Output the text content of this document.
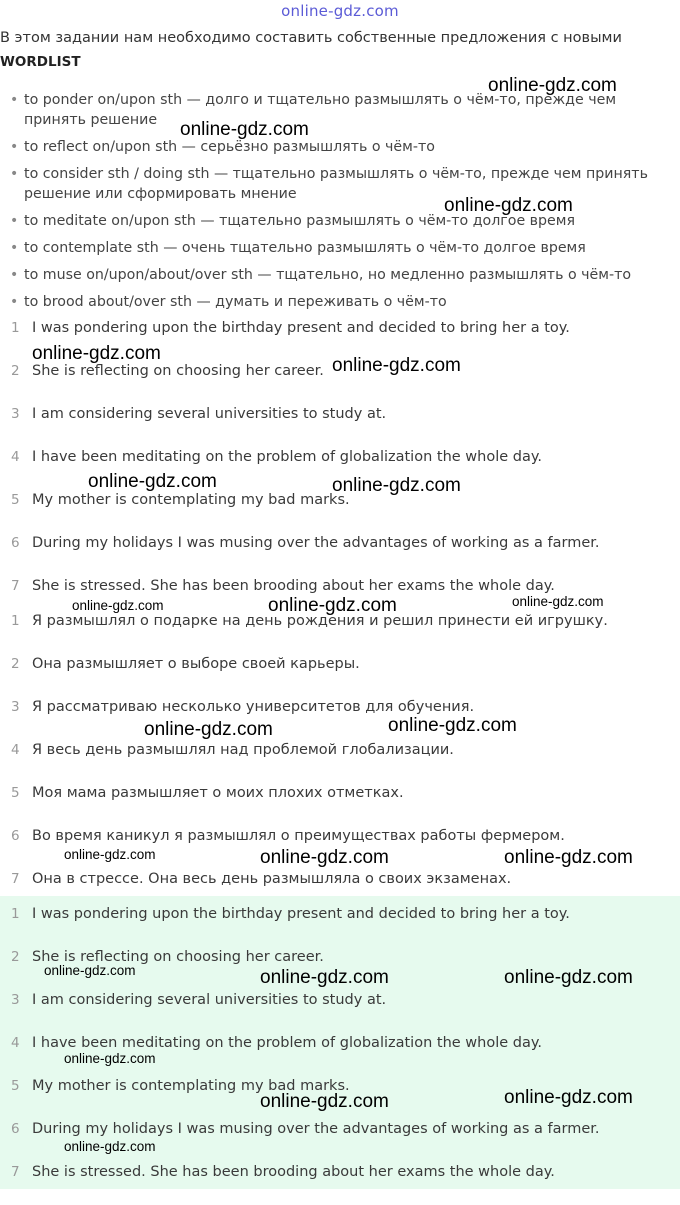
online-gdz.com
В этом задании нам необходимо составить собственные предложения с новыми
WORDLIST
• to ponder on/upon sth — долго и тщательно размышлять о чём-то, прежде чем принять решение
• to reflect on/upon sth — серьёзно размышлять о чём-то
• to consider sth / doing sth — тщательно размышлять о чём-то, прежде чем принять решение или сформировать мнение
• to meditate on/upon sth — тщательно размышлять о чём-то долгое время
• to contemplate sth — очень тщательно размышлять о чём-то долгое время
• to muse on/upon/about/over sth — тщательно, но медленно размышлять о чём-то
• to brood about/over sth — думать и переживать о чём-то
1 I was pondering upon the birthday present and decided to bring her a toy.
2 She is reflecting on choosing her career.
3 I am considering several universities to study at.
4 I have been meditating on the problem of globalization the whole day.
5 My mother is contemplating my bad marks.
6 During my holidays I was musing over the advantages of working as a farmer.
7 She is stressed. She has been brooding about her exams the whole day.
1 Я размышлял о подарке на день рождения и решил принести ей игрушку.
2 Она размышляет о выборе своей карьеры.
3 Я рассматриваю несколько университетов для обучения.
4 Я весь день размышлял над проблемой глобализации.
5 Моя мама размышляет о моих плохих отметках.
6 Во время каникул я размышлял о преимуществах работы фермером.
7 Она в стрессе. Она весь день размышляла о своих экзаменах.
1 I was pondering upon the birthday present and decided to bring her a toy.
2 She is reflecting on choosing her career.
3 I am considering several universities to study at.
4 I have been meditating on the problem of globalization the whole day.
5 My mother is contemplating my bad marks.
6 During my holidays I was musing over the advantages of working as a farmer.
7 She is stressed. She has been brooding about her exams the whole day.
online-gdz.com
online-gdz.com
online-gdz.com
online-gdz.com
online-gdz.com
online-gdz.com	online-gdz.com
online-gdz.com	online-gdz.com	online-gdz.com
online-gdz.com	online-gdz.com
online-gdz.com	online-gdz.com	online-gdz.com
online-gdz.com	online-gdz.com	online-gdz.com
online-gdz.com
online-gdz.com	online-gdz.com
online-gdz.com
